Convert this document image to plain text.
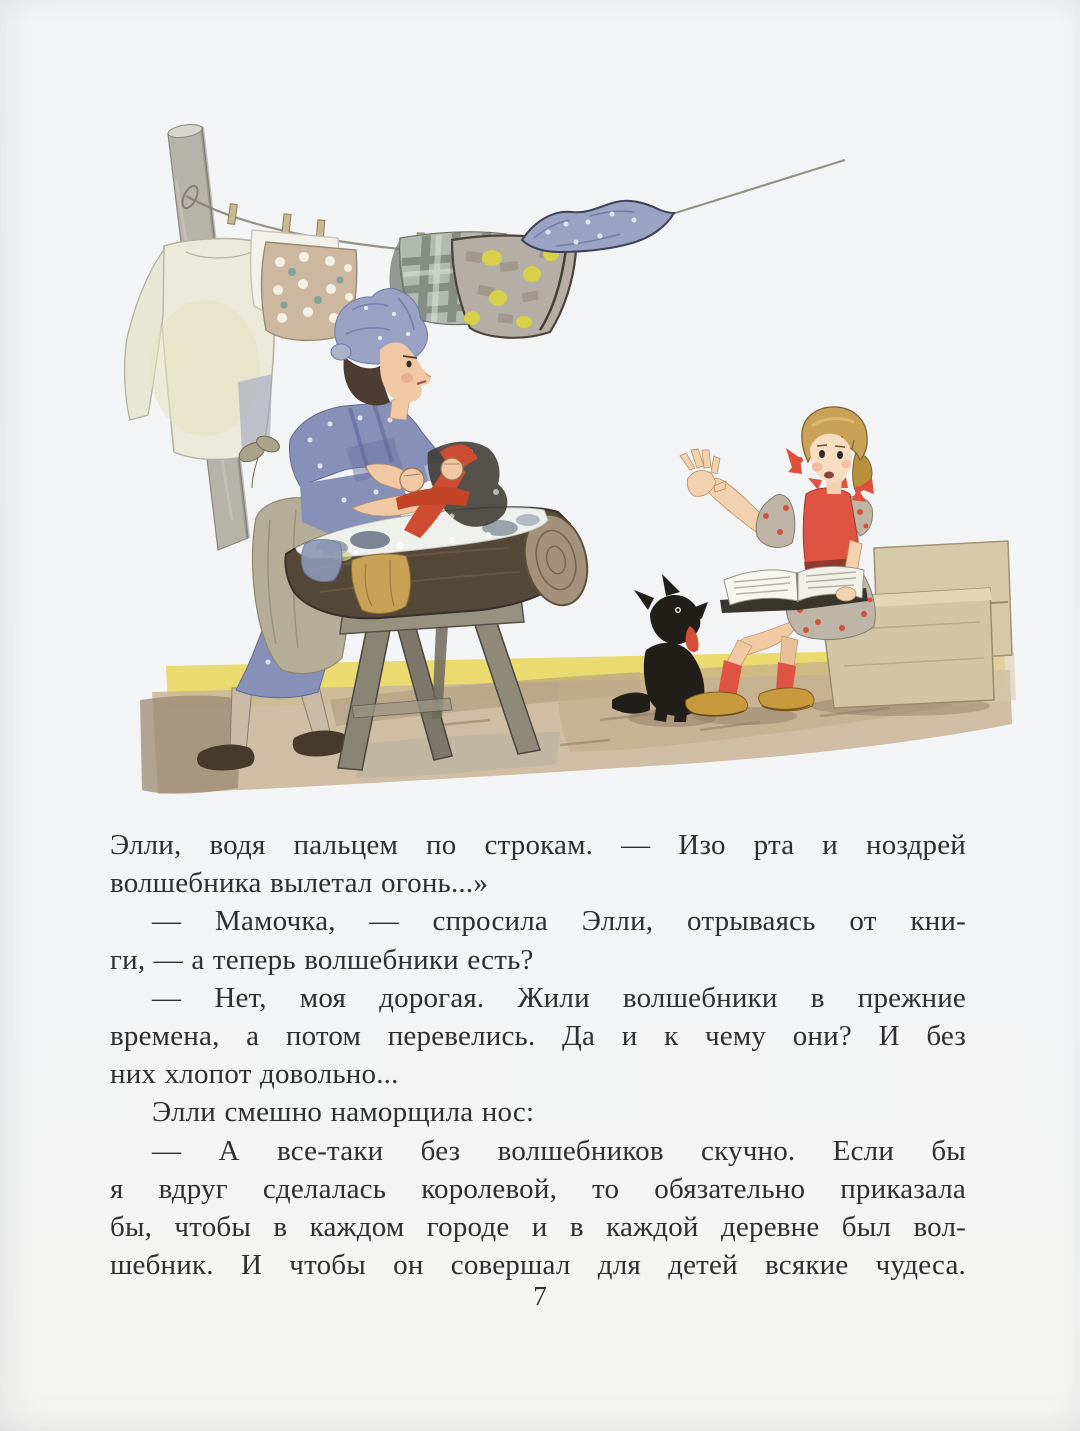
Элли, водя пальцем по строкам. — Изо рта и ноздрей
волшебника вылетал огонь...»
— Мамочка, — спросила Элли, отрываясь от кни-
ги, — а теперь волшебники есть?
— Нет, моя дорогая. Жили волшебники в прежние
времена, а потом перевелись. Да и к чему они? И без
них хлопот довольно...
Элли смешно наморщила нос:
— А все-таки без волшебников скучно. Если бы
я вдруг сделалась королевой, то обязательно приказала
бы, чтобы в каждом городе и в каждой деревне был вол-
шебник. И чтобы он совершал для детей всякие чудеса.
7
